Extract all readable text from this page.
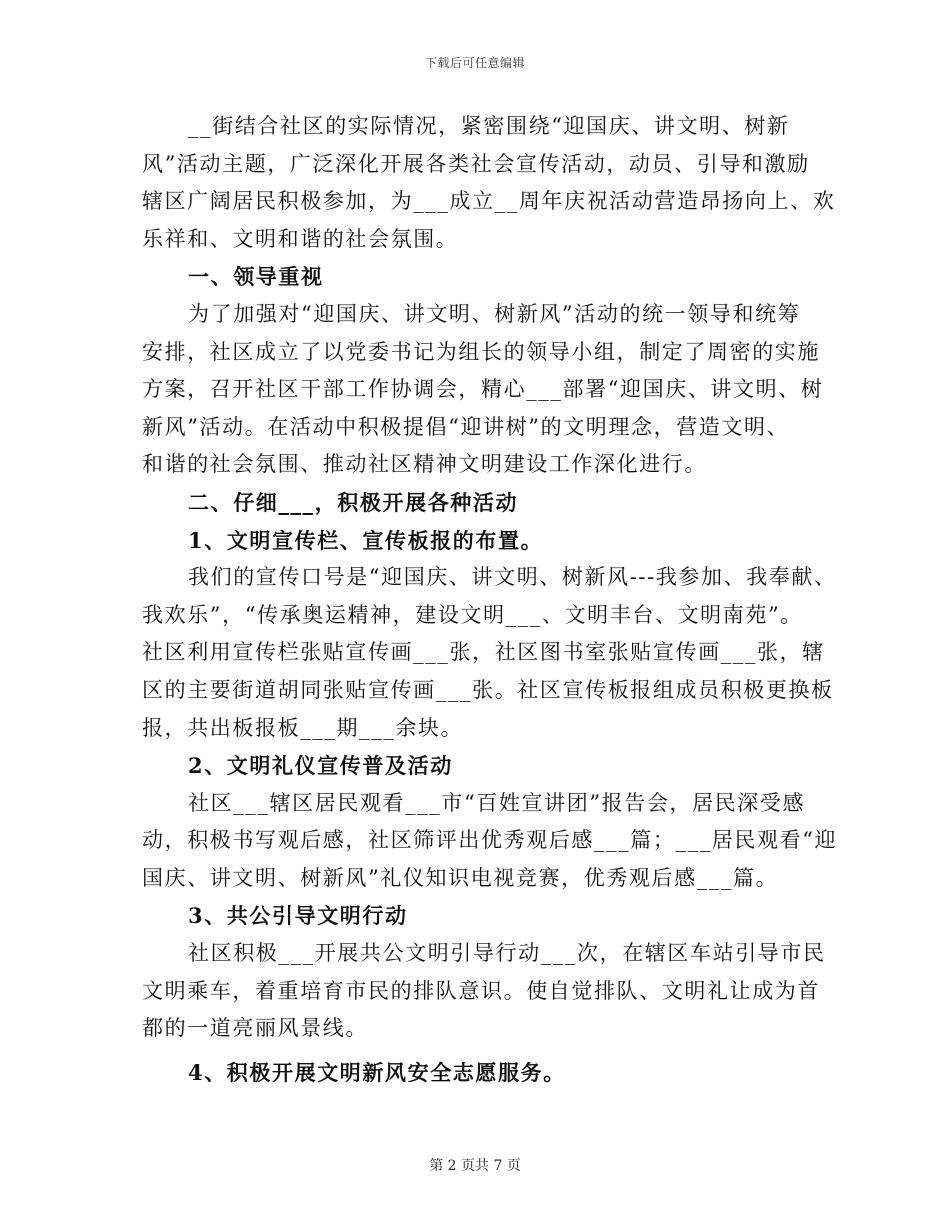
下载后可任意编辑
__街结合社区的实际情况，紧密围绕“迎国庆、讲文明、树新
风”活动主题，广泛深化开展各类社会宣传活动，动员、引导和激励
辖区广阔居民积极参加，为___成立__周年庆祝活动营造昂扬向上、欢
乐祥和、文明和谐的社会氛围。
一、领导重视
为了加强对“迎国庆、讲文明、树新风”活动的统一领导和统筹
安排，社区成立了以党委书记为组长的领导小组，制定了周密的实施
方案，召开社区干部工作协调会，精心___部署“迎国庆、讲文明、树
新风”活动。在活动中积极提倡“迎讲树”的文明理念，营造文明、
和谐的社会氛围、推动社区精神文明建设工作深化进行。
二、仔细___，积极开展各种活动
1、文明宣传栏、宣传板报的布置。
我们的宣传口号是“迎国庆、讲文明、树新风---我参加、我奉献、
我欢乐”，“传承奥运精神，建设文明___、文明丰台、文明南苑”。
社区利用宣传栏张贴宣传画___张，社区图书室张贴宣传画___张，辖
区的主要街道胡同张贴宣传画___张。社区宣传板报组成员积极更换板
报，共出板报板___期___余块。
2、文明礼仪宣传普及活动
社区___辖区居民观看___市“百姓宣讲团”报告会，居民深受感
动，积极书写观后感，社区筛评出优秀观后感___篇；___居民观看“迎
国庆、讲文明、树新风”礼仪知识电视竞赛，优秀观后感___篇。
3、共公引导文明行动
社区积极___开展共公文明引导行动___次，在辖区车站引导市民
文明乘车，着重培育市民的排队意识。使自觉排队、文明礼让成为首
都的一道亮丽风景线。
4、积极开展文明新风安全志愿服务。
第 2 页共 7 页
